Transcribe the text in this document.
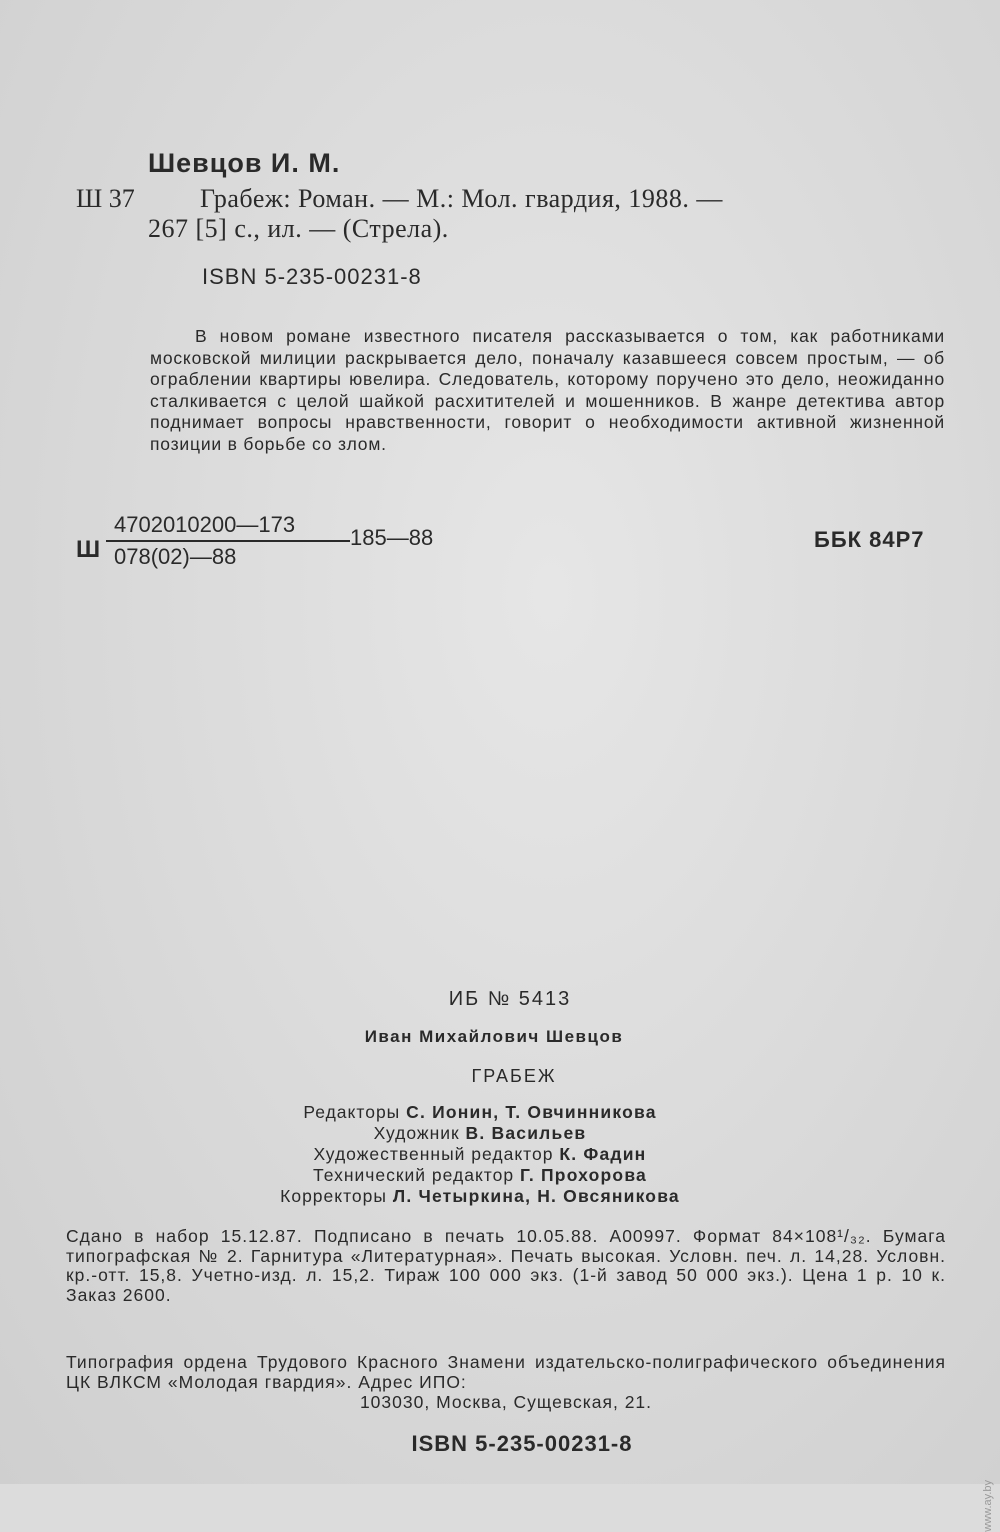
Шевцов И. М.
Ш 37	Грабеж: Роман. — М.: Мол. гвардия, 1988. —
267 [5] с., ил. — (Стрела).
ISBN 5-235-00231-8
В новом романе известного писателя рассказывается о том, как работниками московской милиции раскрывается дело, поначалу казавшееся совсем простым, — об ограблении квартиры ювелира. Следователь, которому поручено это дело, неожиданно сталкивается с целой шайкой расхитителей и мошенников. В жанре детектива автор поднимает вопросы нравственности, говорит о необходимости активной жизненной позиции в борьбе со злом.
Ш
4702010200—173
078(02)—88
185—88	ББК 84Р7
ИБ № 5413
Иван Михайлович Шевцов
ГРАБЕЖ
Редакторы С. Ионин, Т. Овчинникова
Художник В. Васильев
Художественный редактор К. Фадин
Технический редактор Г. Прохорова
Корректоры Л. Четыркина, Н. Овсяникова
Сдано в набор 15.12.87. Подписано в печать 10.05.88. А00997. Формат 84×108¹/₃₂. Бумага типографская № 2. Гарнитура «Литературная». Печать высокая. Условн. печ. л. 14,28. Условн. кр.-отт. 15,8. Учетно-изд. л. 15,2. Тираж 100 000 экз. (1-й завод 50 000 экз.). Цена 1 р. 10 к. Заказ 2600.
Типография ордена Трудового Красного Знамени издательско-полиграфического объединения ЦК ВЛКСМ «Молодая гвардия». Адрес ИПО:
103030, Москва, Сущевская, 21.
ISBN 5-235-00231-8
www.ay.by
